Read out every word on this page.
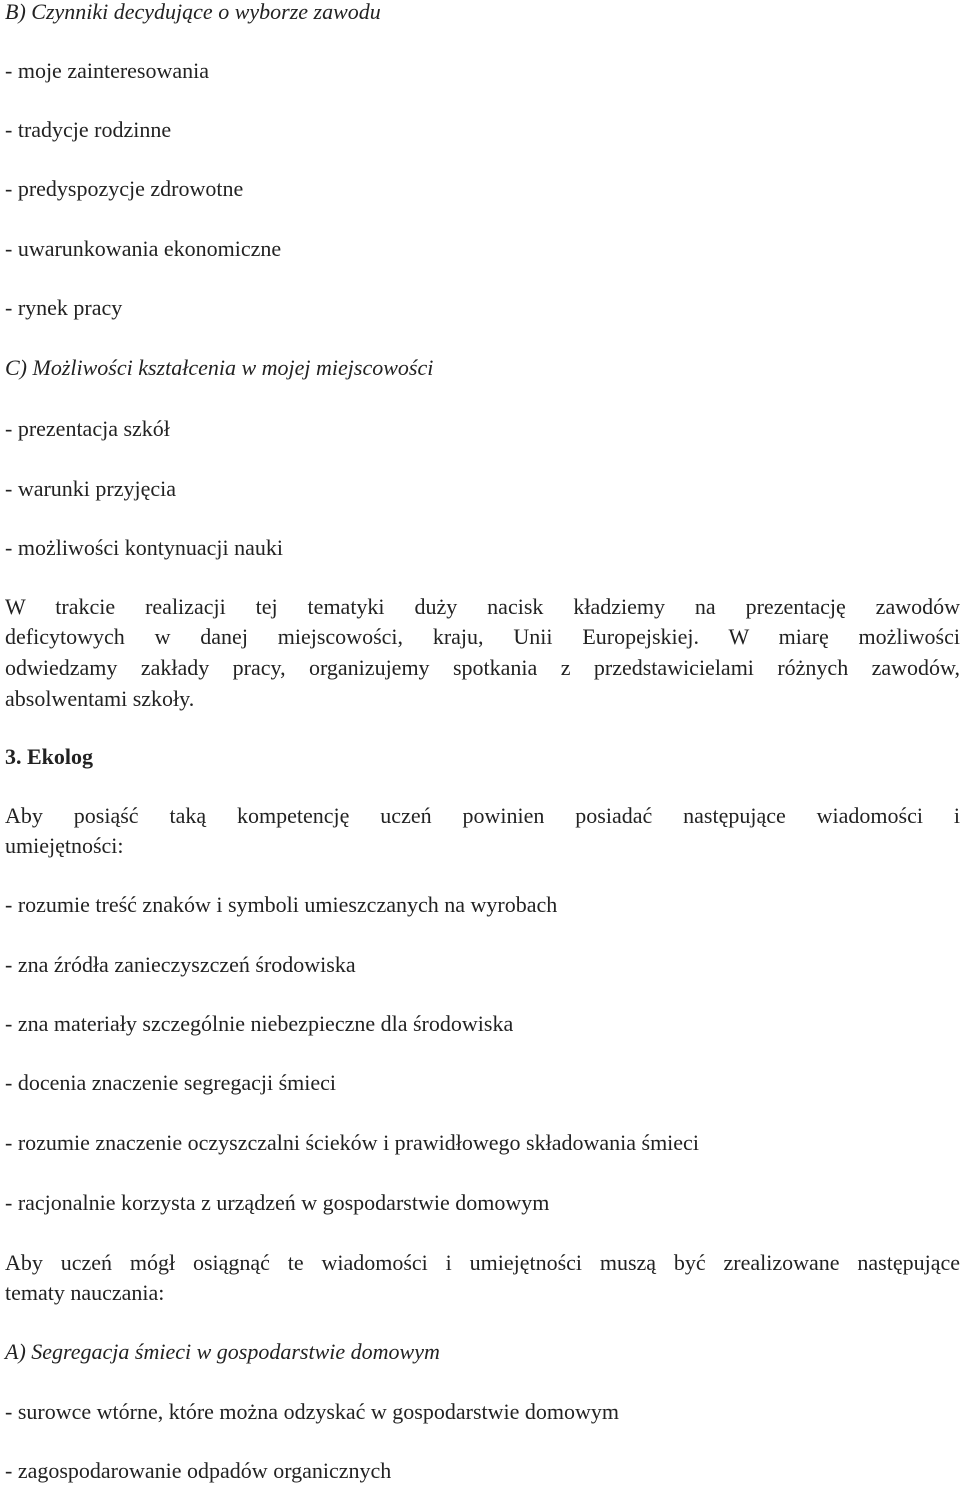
B) Czynniki decydujące o wyborze zawodu
- moje zainteresowania
- tradycje rodzinne
- predyspozycje zdrowotne
- uwarunkowania ekonomiczne
- rynek pracy
C) Możliwości kształcenia w mojej miejscowości
- prezentacja szkół
- warunki przyjęcia
- możliwości kontynuacji nauki
W trakcie realizacji tej tematyki duży nacisk kładziemy na prezentację zawodów
deficytowych w danej miejscowości, kraju, Unii Europejskiej. W miarę możliwości
odwiedzamy zakłady pracy, organizujemy spotkania z przedstawicielami różnych zawodów,
absolwentami szkoły.
3. Ekolog
Aby posiąść taką kompetencję uczeń powinien posiadać następujące wiadomości i
umiejętności:
- rozumie treść znaków i symboli umieszczanych na wyrobach
- zna źródła zanieczyszczeń środowiska
- zna materiały szczególnie niebezpieczne dla środowiska
- docenia znaczenie segregacji śmieci
- rozumie znaczenie oczyszczalni ścieków i prawidłowego składowania śmieci
- racjonalnie korzysta z urządzeń w gospodarstwie domowym
Aby uczeń mógł osiągnąć te wiadomości i umiejętności muszą być zrealizowane następujące
tematy nauczania:
A) Segregacja śmieci w gospodarstwie domowym
- surowce wtórne, które można odzyskać w gospodarstwie domowym
- zagospodarowanie odpadów organicznych
